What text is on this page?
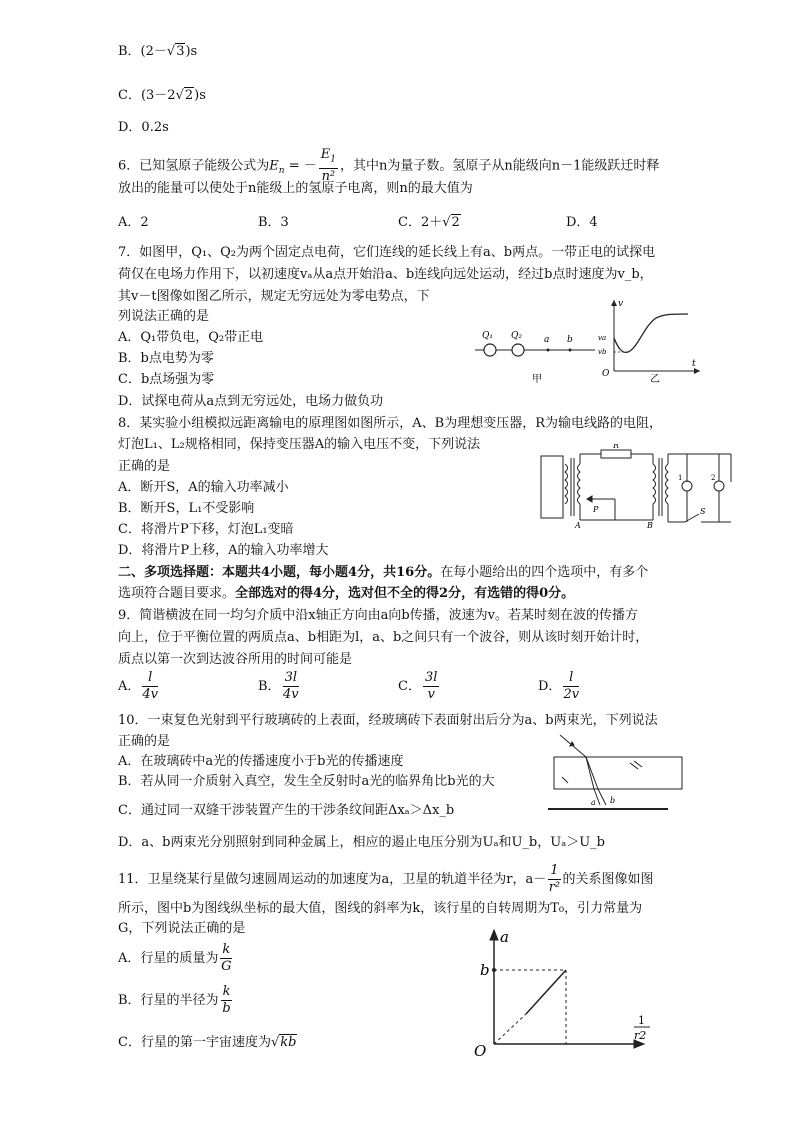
B．(2－√3)s
C．(3－2√2)s
D．0.2s
6．已知氢原子能级公式为$E_n$ = － $\frac{E_1}{\text{n²}}$ ，其中n为量子数。氢原子从n能级向n－1能级跃迁时释
放出的能量可以使处于n能级上的氢原子电离，则n的最大值为
A．2	B．3	C．2＋√2	D．4
7．如图甲，Q₁、Q₂为两个固定点电荷，它们连线的延长线上有a、b两点。一带正电的试探电
荷仅在电场力作用下，以初速度vₐ从a点开始沿a、b连线向远处运动，经过b点时速度为v_b，
其v－t图像如图乙所示，规定无穷远处为零电势点，下
列说法正确的是
A．Q₁带负电，Q₂带正电
B．b点电势为零
C．b点场强为零
D．试探电荷从a点到无穷远处，电场力做负功
Q₁ Q₂ a b
甲
v
va
vb
O
t
乙
8．某实验小组模拟远距离输电的原理图如图所示，A、B为理想变压器，R为输电线路的电阻，
灯泡L₁、L₂规格相同，保持变压器A的输入电压不变，下列说法
正确的是
A．断开S，A的输入功率减小
B．断开S，L₁不受影响
C．将滑片P下移，灯泡L₁变暗
D．将滑片P上移，A的输入功率增大
R
A	B
P	S
1	2
二、多项选择题：本题共4小题，每小题4分，共16分。在每小题给出的四个选项中，有多个
选项符合题目要求。全部选对的得4分，选对但不全的得2分，有选错的得0分。
9．简谐横波在同一均匀介质中沿x轴正方向由a向b传播，波速为v。若某时刻在波的传播方
向上，位于平衡位置的两质点a、b相距为l，a、b之间只有一个波谷，则从该时刻开始计时，
质点以第一次到达波谷所用的时间可能是
A． $\frac{l}{4v}$	B． $\frac{3l}{4v}$	C． $\frac{3l}{v}$	D． $\frac{l}{2v}$
10．一束复色光射到平行玻璃砖的上表面，经玻璃砖下表面射出后分为a、b两束光，下列说法
正确的是
A．在玻璃砖中a光的传播速度小于b光的传播速度
B．若从同一介质射入真空，发生全反射时a光的临界角比b光的大
C．通过同一双缝干涉装置产生的干涉条纹间距Δxₐ＞Δx_b
D．a、b两束光分别照射到同种金属上，相应的遏止电压分别为Uₐ和U_b，Uₐ＞U_b
a b
11．卫星绕某行星做匀速圆周运动的加速度为a，卫星的轨道半径为r，$a- \frac{1}{\text{r²}}$ 的关系图像如图
所示，图中b为图线纵坐标的最大值，图线的斜率为k，该行星的自转周期为T₀，引力常量为
G，下列说法正确的是
A．行星的质量为 $\frac{k}{G}$
B．行星的半径为 $\frac{k}{b}$
C．行星的第一宇宙速度为√kb
a
b
O
1
r2
